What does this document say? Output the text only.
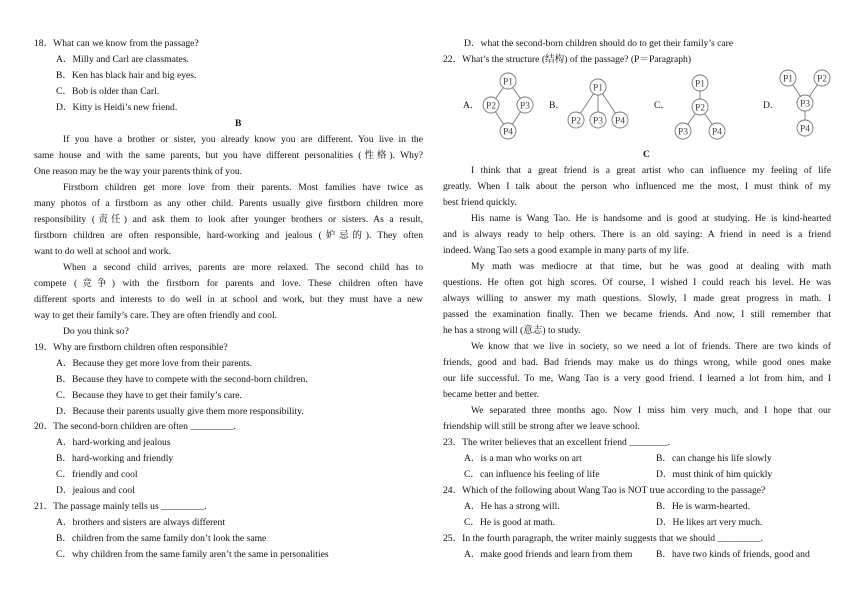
18．What can we know from the passage?
A．Milly and Carl are classmates.
B．Ken has black hair and big eyes.
C．Bob is older than Carl.
D．Kitty is Heidi’s new friend.
B
If you have a brother or sister, you already know you are different. You live in the
same house and with the same parents, but you have different personalities (性格). Why?
One reason may be the way your parents think of you.
Firstborn children get more love from their parents. Most families have twice as
many photos of a firstborn as any other child. Parents usually give firstborn children more
responsibility (责任) and ask them to look after younger brothers or sisters. As a result,
firstborn children are often responsible, hard-working and jealous (妒忌的). They often
want to do well at school and work.
When a second child arrives, parents are more relaxed. The second child has to
compete (竞争) with the firstborn for parents and love. These children often have
different sports and interests to do well in at school and work, but they must have a new
way to get their family’s care. They are often friendly and cool.
Do you think so?
19．Why are firstborn children often responsible?
A．Because they get more love from their parents.
B．Because they have to compete with the second-born children.
C．Because they have to get their family’s care.
D．Because their parents usually give them more responsibility.
20．The second-born children are often _________.
A．hard-working and jealous
B．hard-working and friendly
C．friendly and cool
D．jealous and cool
21．The passage mainly tells us _________.
A．brothers and sisters are always different
B．children from the same family don’t look the same
C．why children from the same family aren’t the same in personalities
D．what the second-born children should do to get their family’s care
22．What’s the structure (结构) of the passage? (P＝Paragraph)
A．	B．	C．	D．
P1
P2	P3
P4
P1
P2 P3 P4
P1
P2
P3	P4
P1	P2
P3
P4
C
I think that a great friend is a great artist who can influence my feeling of life
greatly. When I talk about the person who influenced me the most, I must think of my
best friend quickly.
His name is Wang Tao. He is handsome and is good at studying. He is kind-hearted
and is always ready to help others. There is an old saying: A friend in need is a friend
indeed. Wang Tao sets a good example in many parts of my life.
My math was mediocre at that time, but he was good at dealing with math
questions. He often got high scores. Of course, I wished I could reach his level. He was
always willing to answer my math questions. Slowly, I made great progress in math. I
passed the examination finally. Then we became friends. And now, I still remember that
he has a strong will (意志) to study.
We know that we live in society, so we need a lot of friends. There are two kinds of
friends, good and bad. Bad friends may make us do things wrong, while good ones make
our life successful. To me, Wang Tao is a very good friend. I learned a lot from him, and I
became better and better.
We separated three months ago. Now I miss him very much, and I hope that our
friendship will still be strong after we leave school.
23．The writer believes that an excellent friend ________.
A．is a man who works on art	B．can change his life slowly
C．can influence his feeling of life	D．must think of him quickly
24．Which of the following about Wang Tao is NOT true according to the passage?
A．He has a strong will.	B．He is warm-hearted.
C．He is good at math.	D．He likes art very much.
25．In the fourth paragraph, the writer mainly suggests that we should _________.
A．make good friends and learn from them B．have two kinds of friends, good and
